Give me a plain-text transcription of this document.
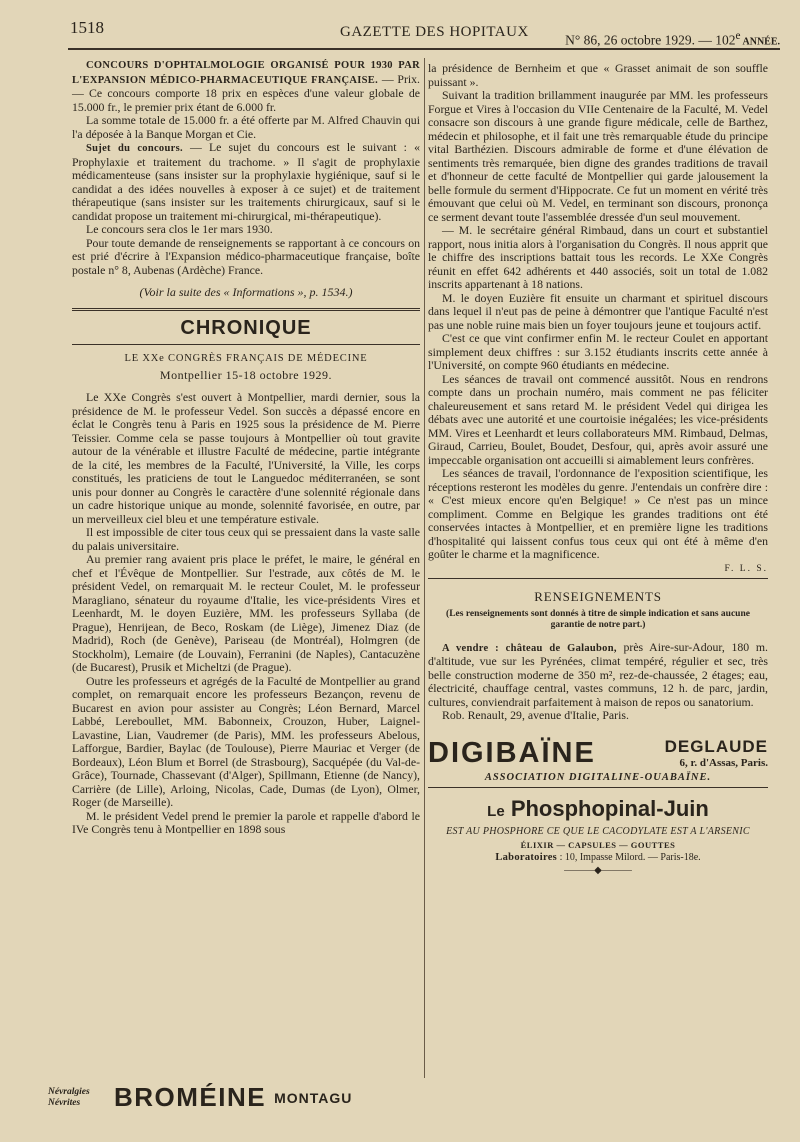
1518	GAZETTE DES HOPITAUX	N° 86, 26 octobre 1929. — 102e ANNÉE.

CONCOURS D'OPHTALMOLOGIE ORGANISÉ POUR 1930 PAR L'EXPANSION MÉDICO-PHARMACEUTIQUE FRANÇAISE. — Prix. — Ce concours comporte 18 prix en espèces d'une valeur globale de 15.000 fr., le premier prix étant de 6.000 fr.

La somme totale de 15.000 fr. a été offerte par M. Alfred Chauvin qui l'a déposée à la Banque Morgan et Cie.

Sujet du concours. — Le sujet du concours est le suivant : « Prophylaxie et traitement du trachome. » Il s'agit de prophylaxie médicamenteuse (sans insister sur la prophylaxie hygiénique, sauf si le candidat a des idées nouvelles à exposer à ce sujet) et de traitement thérapeutique (sans insister sur les traitements chirurgicaux, sauf si le candidat propose un traitement mi-chirurgical, mi-thérapeutique).

Le concours sera clos le 1er mars 1930.

Pour toute demande de renseignements se rapportant à ce concours on est prié d'écrire à l'Expansion médico-pharmaceutique française, boîte postale n° 8, Aubenas (Ardèche) France.

(Voir la suite des « Informations », p. 1534.)
CHRONIQUE
LE XXe CONGRÈS FRANÇAIS DE MÉDECINE
Montpellier 15-18 octobre 1929.

Le XXe Congrès s'est ouvert à Montpellier, mardi dernier, sous la présidence de M. le professeur Vedel. Son succès a dépassé encore en éclat le Congrès tenu à Paris en 1925 sous la présidence de M. Pierre Teissier. Comme cela se passe toujours à Montpellier où tout gravite autour de la vénérable et illustre Faculté de médecine, partie intégrante de la cité, les membres de la Faculté, l'Université, la Ville, les corps constitués, les praticiens de tout le Languedoc méditerranéen, se sont unis pour donner au Congrès le caractère d'une solennité régionale dans un cadre historique unique au monde, solennité favorisée, en outre, par un merveilleux ciel bleu et une température estivale.

Il est impossible de citer tous ceux qui se pressaient dans la vaste salle du palais universitaire.

Au premier rang avaient pris place le préfet, le maire, le général en chef et l'Évêque de Montpellier. Sur l'estrade, aux côtés de M. le président Vedel, on remarquait M. le recteur Coulet, M. le professeur Maragliano, sénateur du royaume d'Italie, les vice-présidents Vires et Leenhardt, M. le doyen Euzière, MM. les professeurs Syllaba (de Prague), Henrijean, de Beco, Roskam (de Liège), Jimenez Diaz (de Madrid), Roch (de Genève), Pariseau (de Montréal), Holmgren (de Stockholm), Lemaire (de Louvain), Ferranini (de Naples), Cantacuzène (de Bucarest), Prusik et Micheltzi (de Prague).

Outre les professeurs et agrégés de la Faculté de Montpellier au grand complet, on remarquait encore les professeurs Bezançon, revenu de Bucarest en avion pour assister au Congrès; Léon Bernard, Marcel Labbé, Lereboullet, MM. Babonneix, Crouzon, Huber, Laignel-Lavastine, Lian, Vaudremer (de Paris), MM. les professeurs Abelous, Lafforgue, Bardier, Baylac (de Toulouse), Pierre Mauriac et Verger (de Bordeaux), Léon Blum et Borrel (de Strasbourg), Sacquépée (du Val-de-Grâce), Tournade, Chassevant (d'Alger), Spillmann, Etienne (de Nancy), Carrière (de Lille), Arloing, Nicolas, Cade, Dumas (de Lyon), Olmer, Roger (de Marseille).

M. le président Vedel prend le premier la parole et rappelle d'abord le IVe Congrès tenu à Montpellier en 1898 sous

la présidence de Bernheim et que « Grasset animait de son souffle puissant ».

Suivant la tradition brillamment inaugurée par MM. les professeurs Forgue et Vires à l'occasion du VIIe Centenaire de la Faculté, M. Vedel consacre son discours à une grande figure médicale, celle de Barthez, médecin et philosophe, et il fait une très remarquable étude du principe vital Barthézien. Discours admirable de forme et d'une élévation de sentiments très remarquée, bien digne des grandes traditions de travail et d'honneur de cette faculté de Montpellier qui garde jalousement la belle formule du serment d'Hippocrate. Ce fut un moment en vérité très émouvant que celui où M. Vedel, en terminant son discours, prononça ce serment devant toute l'assemblée dressée d'un seul mouvement.

— M. le secrétaire général Rimbaud, dans un court et substantiel rapport, nous initia alors à l'organisation du Congrès. Il nous apprit que le chiffre des inscriptions battait tous les records. Le XXe Congrès réunit en effet 642 adhérents et 440 associés, soit un total de 1.082 inscrits appartenant à 18 nations.

M. le doyen Euzière fit ensuite un charmant et spirituel discours dans lequel il n'eut pas de peine à démontrer que l'antique Faculté n'est pas une noble ruine mais bien un foyer toujours jeune et toujours actif.

C'est ce que vint confirmer enfin M. le recteur Coulet en apportant simplement deux chiffres : sur 3.152 étudiants inscrits cette année à l'Université, on compte 960 étudiants en médecine.

Les séances de travail ont commencé aussitôt. Nous en rendrons compte dans un prochain numéro, mais comment ne pas féliciter chaleureusement et sans retard M. le président Vedel qui dirigea les débats avec une autorité et une courtoisie inégalées; les vice-présidents MM. Vires et Leenhardt et leurs collaborateurs MM. Rimbaud, Delmas, Giraud, Carrieu, Boulet, Boudet, Desfour, qui, après avoir assuré une impeccable organisation ont accueilli si aimablement leurs confrères.

Les séances de travail, l'ordonnance de l'exposition scientifique, les réceptions resteront les modèles du genre. J'entendais un confrère dire : « C'est mieux encore qu'en Belgique! » Ce n'est pas un mince compliment. Comme en Belgique les grandes traditions ont été conservées intactes à Montpellier, et en première ligne les traditions d'hospitalité qui laissent confus tous ceux qui ont été à même d'en goûter le charme et la magnificence.

F. L. S.
RENSEIGNEMENTS
(Les renseignements sont donnés à titre de simple indication et sans aucune garantie de notre part.)

A vendre : château de Galaubon, près Aire-sur-Adour, 180 m. d'altitude, vue sur les Pyrénées, climat tempéré, régulier et sec, très belle construction moderne de 350 m², rez-de-chaussée, 2 étages; eau, électricité, chauffage central, vastes communs, 12 h. de parc, jardin, cultures, conviendrait parfaitement à maison de repos ou sanatorium.

Rob. Renault, 29, avenue d'Italie, Paris.

DIGIBAÏNE	DEGLAUDE
6, r. d'Assas, Paris.
ASSOCIATION DIGITALINE-OUABAÏNE.
Le Phosphopinal-Juin
EST AU PHOSPHORE CE QUE LE CACODYLATE EST A L'ARSENIC
ÉLIXIR — CAPSULES — GOUTTES
Laboratoires : 10, Impasse Milord. — Paris-18e.
———◆———
Névralgies
Névrites	BROMÉINE MONTAGU
